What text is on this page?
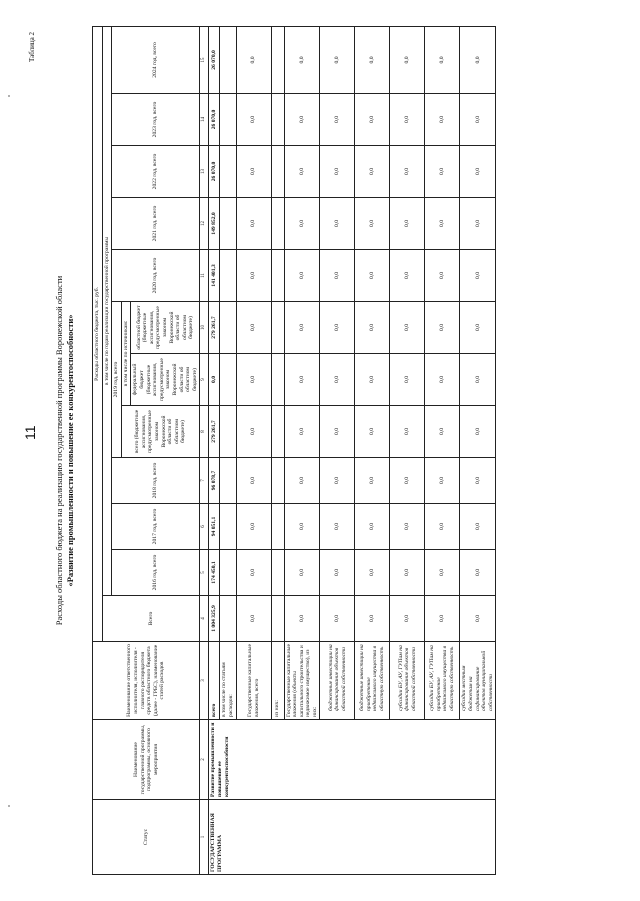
11
Таблица 2
Расходы областного бюджета на реализацию государственной программы Воронежской области «Развитие промышленности и повышение ее конкурентоспособности»
Статус	Наименование государственной программы, подпрограммы, основного мероприятия	Наименование ответственного исполнителя, исполнителя - главного распорядителя средств областного бюджета (далее - ГРБС), наименование статей расходов	Расходы областного бюджета, тыс. руб.											
			Всего	в том числе по годам реализации государственной программы										
				2016 год, всего	2017 год, всего	2018 год, всего	2019 год, всего			2020 год, всего	2021 год, всего	2022 год, всего	2023 год, всего	2024 год, всего
							всего (бюджетные ассигнования, предусмотренные законом Воронежской области об областном бюджете)	в том числе по источникам:						
								федеральный бюджет (бюджетные ассигнования, предусмотренные законом Воронежской области об областном бюджете)	областной бюджет (бюджетные ассигнования, предусмотренные законом Воронежской области об областном бюджете)					
1	2	3	4	5	6	7	8	9	10	11	12	13	14	15
ГОСУДАРСТВЕННАЯ ПРОГРАММА	Развитие промышленности и повышение ее конкурентоспособности	всего	1 004 325,9	174 450,1	94 051,1	96 078,7	279 261,7	0,0	279 261,7	141 401,3	149 852,0	26 070,0	26 070,0	26 070,0
		в том числе по статьям расходов:												
		Государственные капитальные вложения, всего	0,0	0,0	0,0	0,0	0,0	0,0	0,0	0,0	0,0	0,0	0,0	0,0
		из них:												
		Государственные капитальные вложения (объекты капитального строительства и недвижимое имущество), из них:	0,0	0,0	0,0	0,0	0,0	0,0	0,0	0,0	0,0	0,0	0,0	0,0
		бюджетные инвестиции на финансирование объектов областной собственности	0,0	0,0	0,0	0,0	0,0	0,0	0,0	0,0	0,0	0,0	0,0	0,0
		бюджетные инвестиции на приобретение недвижимого имущества в областную собственность	0,0	0,0	0,0	0,0	0,0	0,0	0,0	0,0	0,0	0,0	0,0	0,0
		субсидии БУ, АУ, ГУПам на финансирование объектов областной собственности	0,0	0,0	0,0	0,0	0,0	0,0	0,0	0,0	0,0	0,0	0,0	0,0
		субсидии БУ, АУ, ГУПам на приобретение недвижимого имущества в областную собственность	0,0	0,0	0,0	0,0	0,0	0,0	0,0	0,0	0,0	0,0	0,0	0,0
		субсидии местным бюджетам на софинансирование объектов муниципальной собственности	0,0	0,0	0,0	0,0	0,0	0,0	0,0	0,0	0,0	0,0	0,0	0,0
